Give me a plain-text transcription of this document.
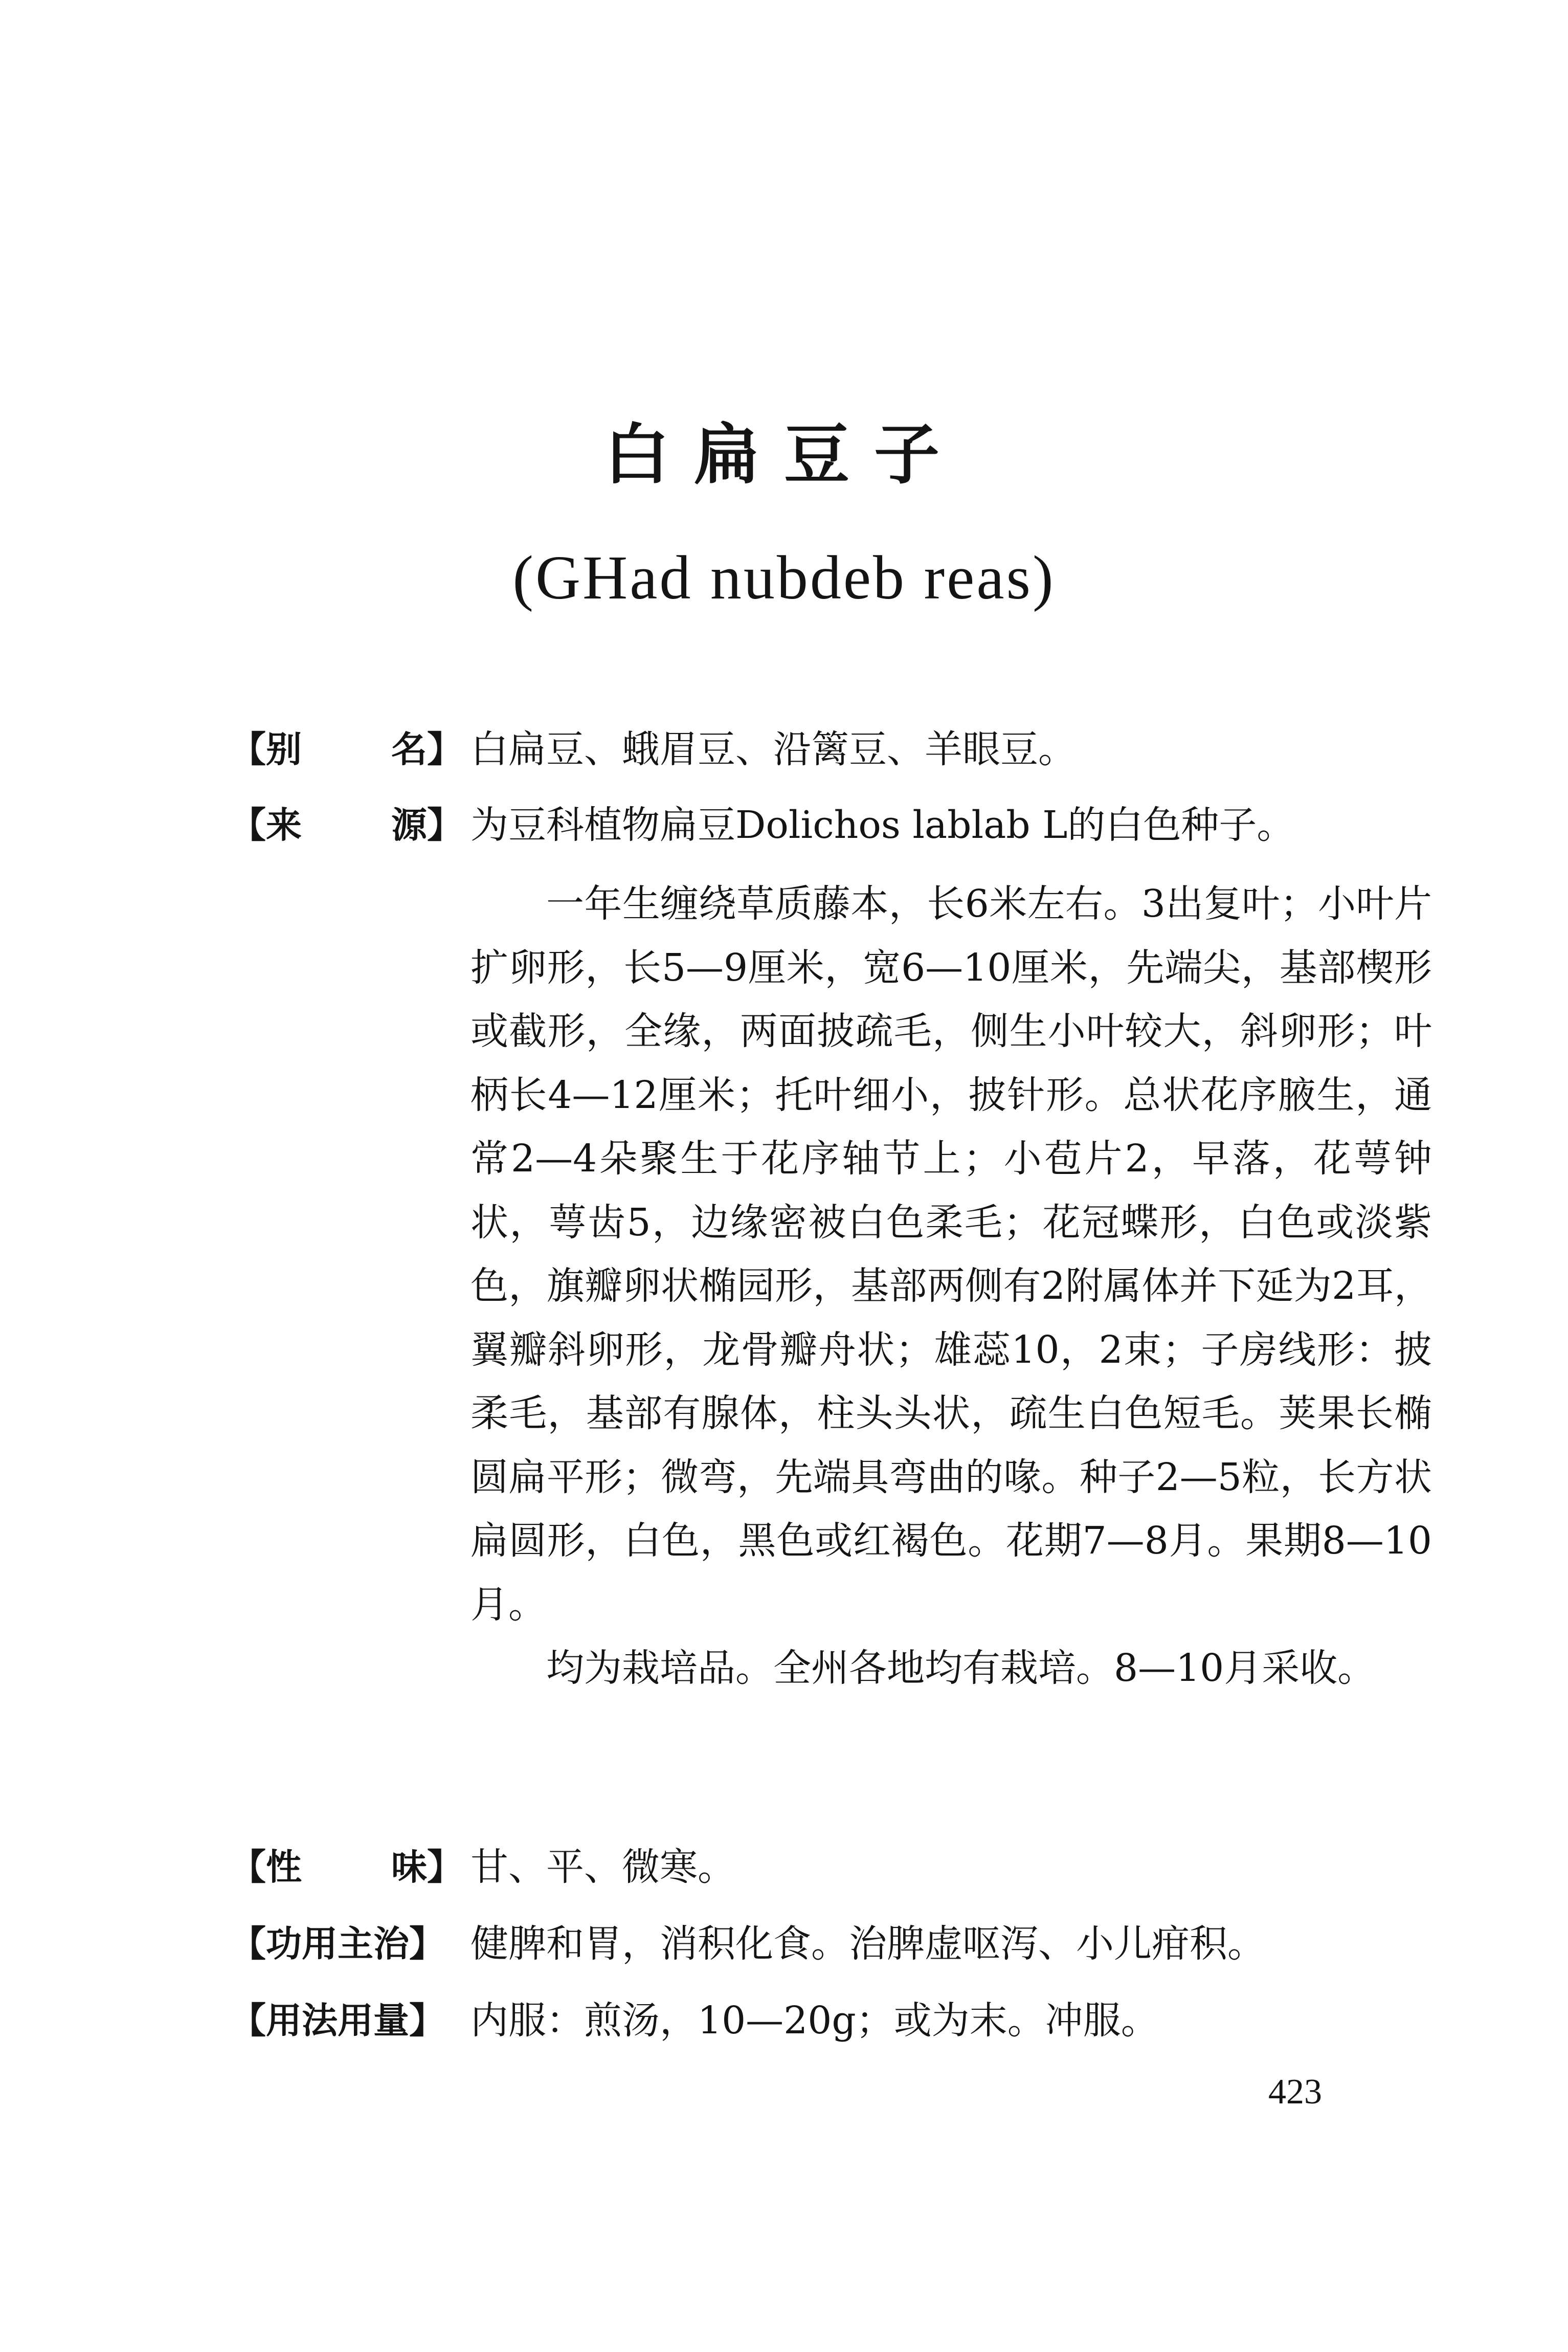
白扁豆子
(GHad nubdeb reas)
【别	名】 白扁豆、蛾眉豆、沿篱豆、羊眼豆。
【来	源】 为豆科植物扁豆Dolichos lablab L的白色种子。

一年生缠绕草质藤本，长6米左右。3出复叶；小叶片扩卵形，长5—9厘米，宽6—10厘米，先端尖，基部楔形或截形，全缘，两面披疏毛，侧生小叶较大，斜卵形；叶柄长4—12厘米；托叶细小，披针形。总状花序腋生，通常2—4朵聚生于花序轴节上；小苞片2，早落，花萼钟状，萼齿5，边缘密被白色柔毛；花冠蝶形，白色或淡紫色，旗瓣卵状椭园形，基部两侧有2附属体并下延为2耳，翼瓣斜卵形，龙骨瓣舟状；雄蕊10，2束；子房线形：披柔毛，基部有腺体，柱头头状，疏生白色短毛。荚果长椭圆扁平形；微弯，先端具弯曲的喙。种子2—5粒，长方状扁圆形，白色，黑色或红褐色。花期7—8月。果期8—10月。

均为栽培品。全州各地均有栽培。8—10月采收。

【性	味】 甘、平、微寒。
【功用主治】 健脾和胃，消积化食。治脾虚呕泻、小儿疳积。
【用法用量】 内服：煎汤，10—20g；或为末。冲服。
423
